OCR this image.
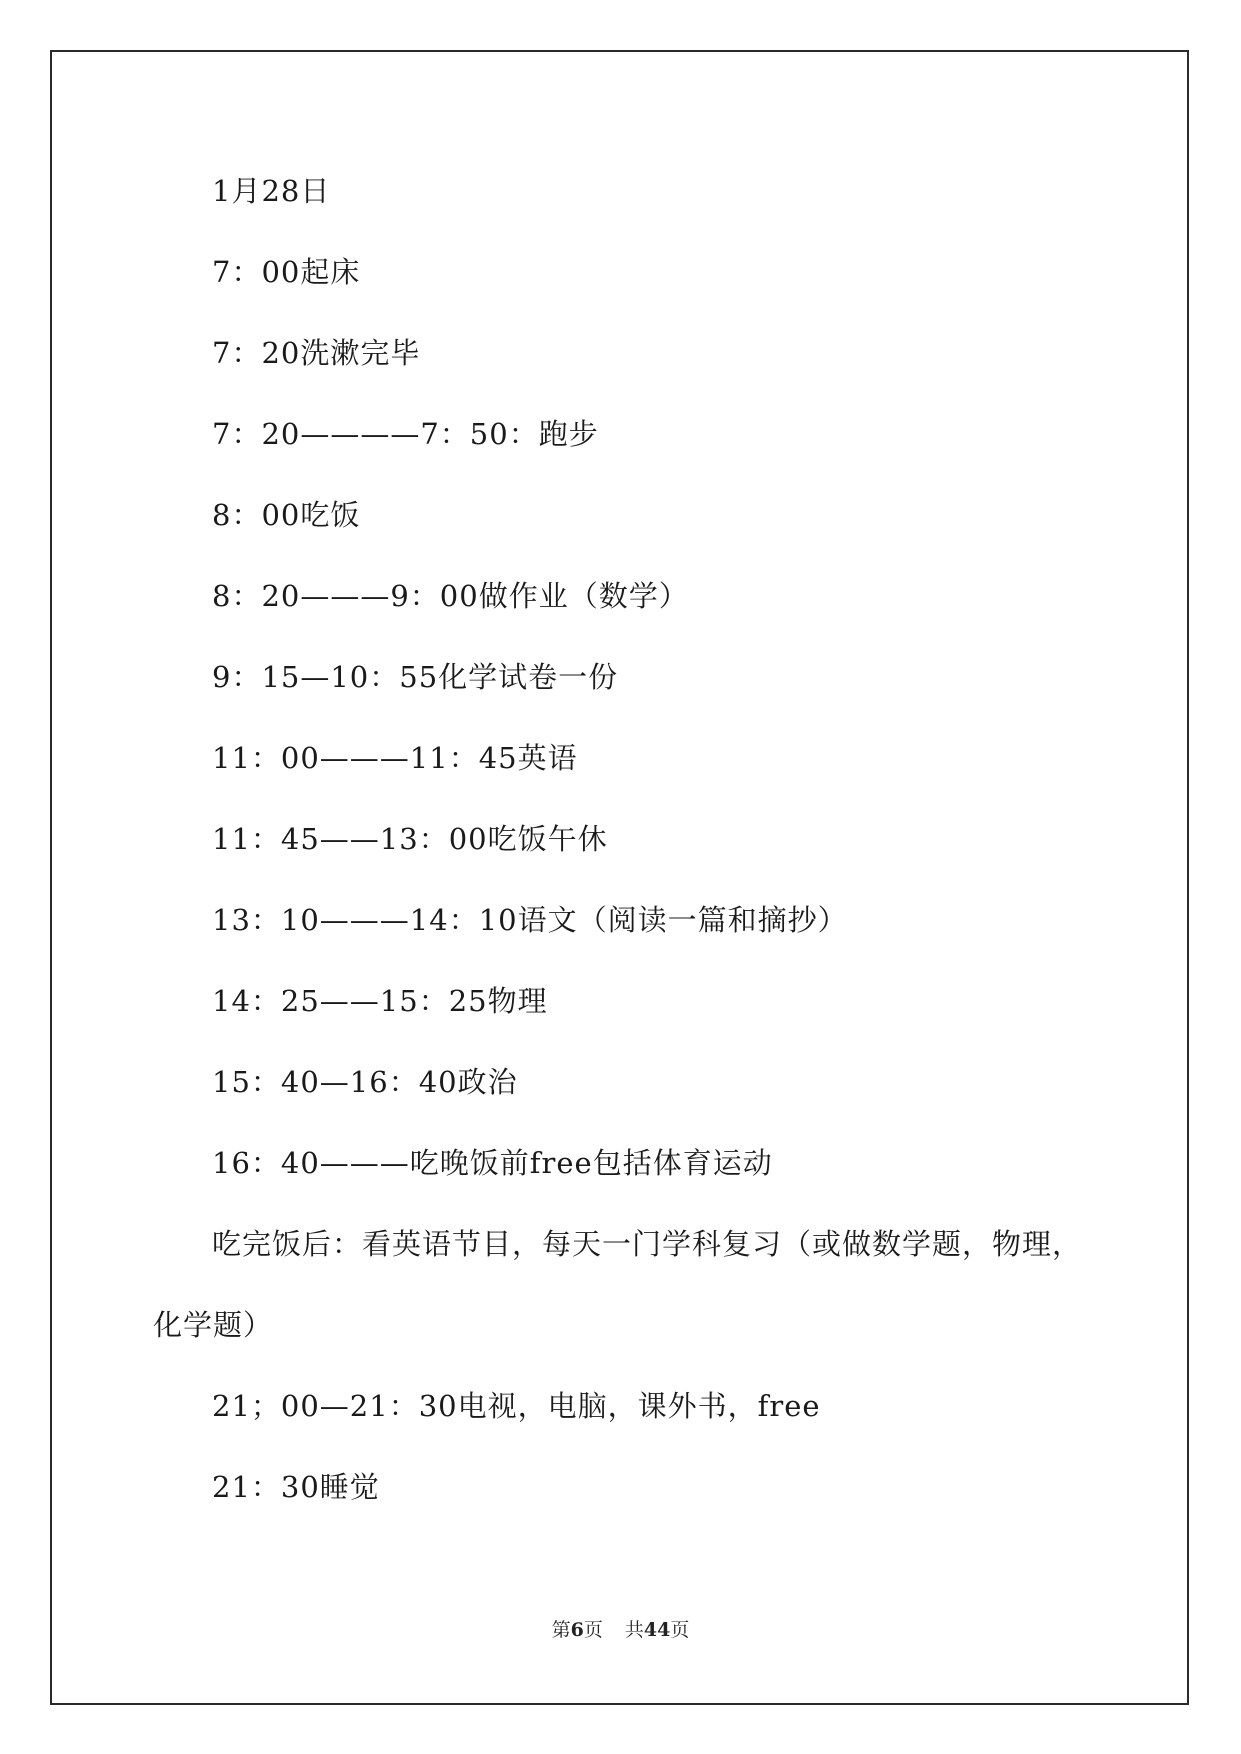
1月28日
7：00起床
7：20洗漱完毕
7：20————7：50：跑步
8：00吃饭
8：20———9：00做作业（数学）
9：15—10：55化学试卷一份
11：00———11：45英语
11：45——13：00吃饭午休
13：10———14：10语文（阅读一篇和摘抄）
14：25——15：25物理
15：40—16：40政治
16：40———吃晚饭前free包括体育运动
吃完饭后：看英语节目，每天一门学科复习（或做数学题，物理，
化学题）
21；00—21：30电视，电脑，课外书，free
21：30睡觉
第6页 共44页
